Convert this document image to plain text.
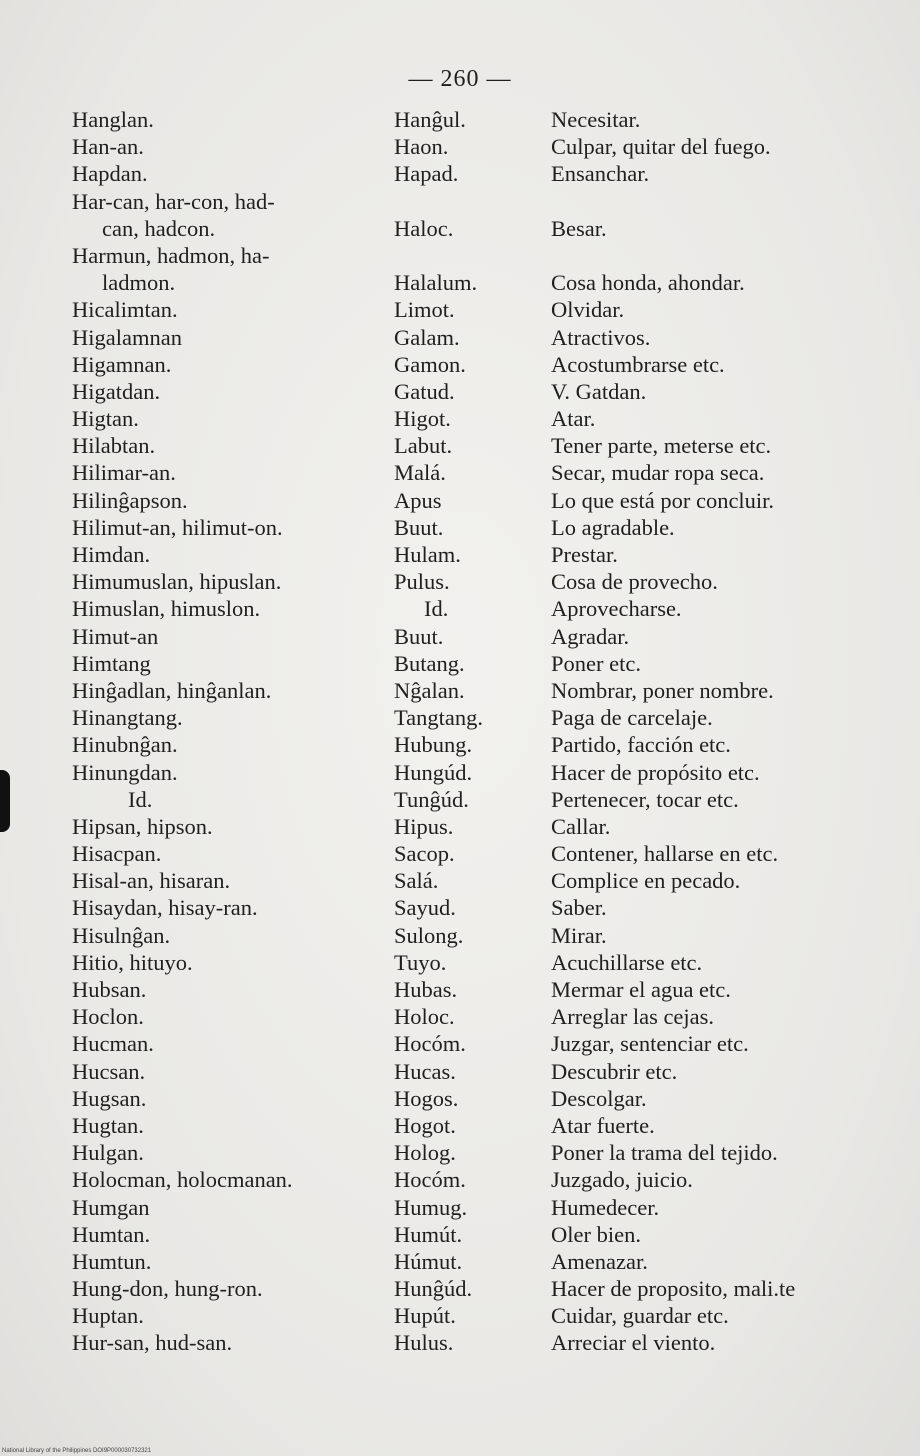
— 260 —
Hanglan.	Hanĝul.	Necesitar.
Han-an.	Haon.	Culpar, quitar del fuego.
Hapdan.	Hapad.	Ensanchar.
Har-can, har-con, had-
can, hadcon.	Haloc.	Besar.
Harmun, hadmon, ha-
ladmon.	Halalum.	Cosa honda, ahondar.
Hicalimtan.	Limot.	Olvidar.
Higalamnan	Galam.	Atractivos.
Higamnan.	Gamon.	Acostumbrarse etc.
Higatdan.	Gatud.	V. Gatdan.
Higtan.	Higot.	Atar.
Hilabtan.	Labut.	Tener parte, meterse etc.
Hilimar-an.	Malá.	Secar, mudar ropa seca.
Hilinĝapson.	Apus	Lo que está por concluir.
Hilimut-an, hilimut-on.	Buut.	Lo agradable.
Himdan.	Hulam.	Prestar.
Himumuslan, hipuslan.	Pulus.	Cosa de provecho.
Himuslan, himuslon.	Id.	Aprovecharse.
Himut-an	Buut.	Agradar.
Himtang	Butang.	Poner etc.
Hinĝadlan, hinĝanlan.	Nĝalan.	Nombrar, poner nombre.
Hinangtang.	Tangtang.	Paga de carcelaje.
Hinubnĝan.	Hubung.	Partido, facción etc.
Hinungdan.	Hungúd.	Hacer de propósito etc.
Id.	Tunĝúd.	Pertenecer, tocar etc.
Hipsan, hipson.	Hipus.	Callar.
Hisacpan.	Sacop.	Contener, hallarse en etc.
Hisal-an, hisaran.	Salá.	Complice en pecado.
Hisaydan, hisay-ran.	Sayud.	Saber.
Hisulnĝan.	Sulong.	Mirar.
Hitio, hituyo.	Tuyo.	Acuchillarse etc.
Hubsan.	Hubas.	Mermar el agua etc.
Hoclon.	Holoc.	Arreglar las cejas.
Hucman.	Hocóm.	Juzgar, sentenciar etc.
Hucsan.	Hucas.	Descubrir etc.
Hugsan.	Hogos.	Descolgar.
Hugtan.	Hogot.	Atar fuerte.
Hulgan.	Holog.	Poner la trama del tejido.
Holocman, holocmanan.	Hocóm.	Juzgado, juicio.
Humgan	Humug.	Humedecer.
Humtan.	Humút.	Oler bien.
Humtun.	Húmut.	Amenazar.
Hung-don, hung-ron.	Hunĝúd.	Hacer de proposito, mali.te
Huptan.	Hupút.	Cuidar, guardar etc.
Hur-san, hud-san.	Hulus.	Arreciar el viento.
National Library of the Philippines DOI9P000030732321
